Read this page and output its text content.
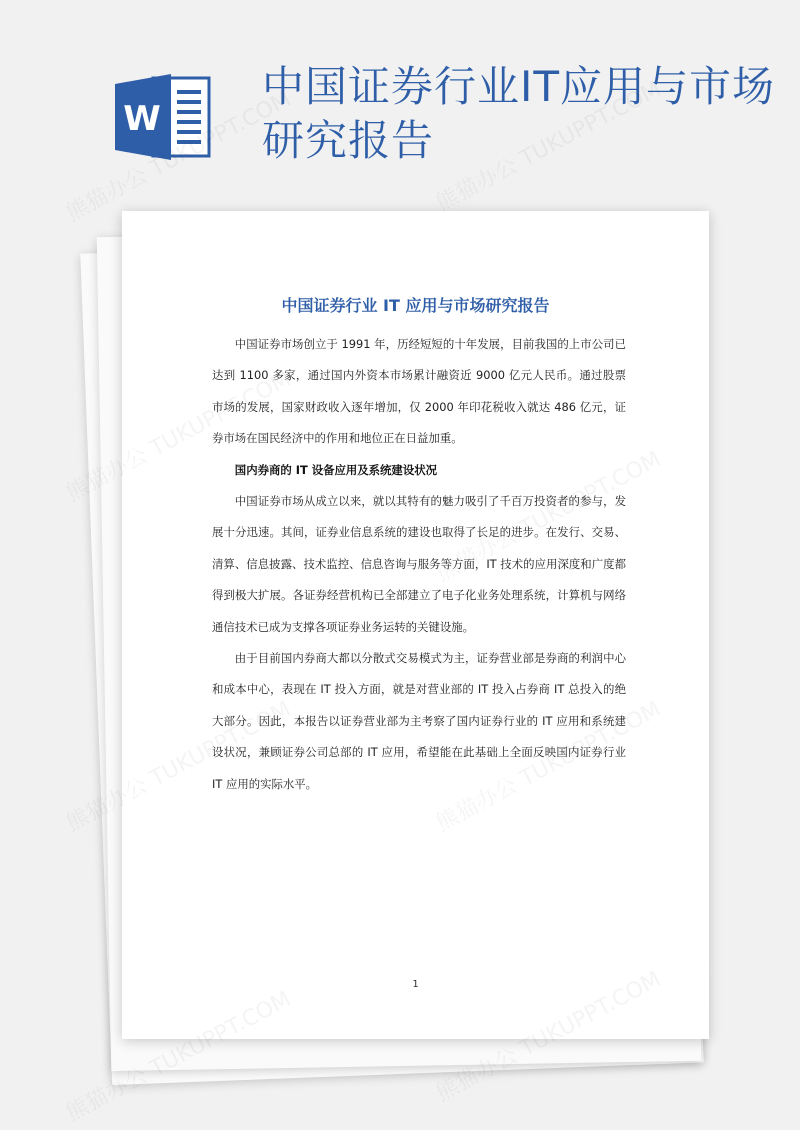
中国证券行业IT应用与市场研究报告
W
中国证券行业 IT 应用与市场研究报告

中国证券市场创立于 1991 年，历经短短的十年发展，目前我国的上市公司已达到 1100 多家，通过国内外资本市场累计融资近 9000 亿元人民币。通过股票市场的发展，国家财政收入逐年增加，仅 2000 年印花税收入就达 486 亿元，证券市场在国民经济中的作用和地位正在日益加重。

国内券商的 IT 设备应用及系统建设状况

中国证券市场从成立以来，就以其特有的魅力吸引了千百万投资者的参与，发展十分迅速。其间，证券业信息系统的建设也取得了长足的进步。在发行、交易、清算、信息披露、技术监控、信息咨询与服务等方面，IT 技术的应用深度和广度都得到极大扩展。各证券经营机构已全部建立了电子化业务处理系统，计算机与网络通信技术已成为支撑各项证券业务运转的关键设施。

由于目前国内券商大都以分散式交易模式为主，证券营业部是券商的利润中心和成本中心，表现在 IT 投入方面，就是对营业部的 IT 投入占券商 IT 总投入的绝大部分。因此，本报告以证券营业部为主考察了国内证券行业的 IT 应用和系统建设状况，兼顾证券公司总部的 IT 应用，希望能在此基础上全面反映国内证券行业 IT 应用的实际水平。

1
